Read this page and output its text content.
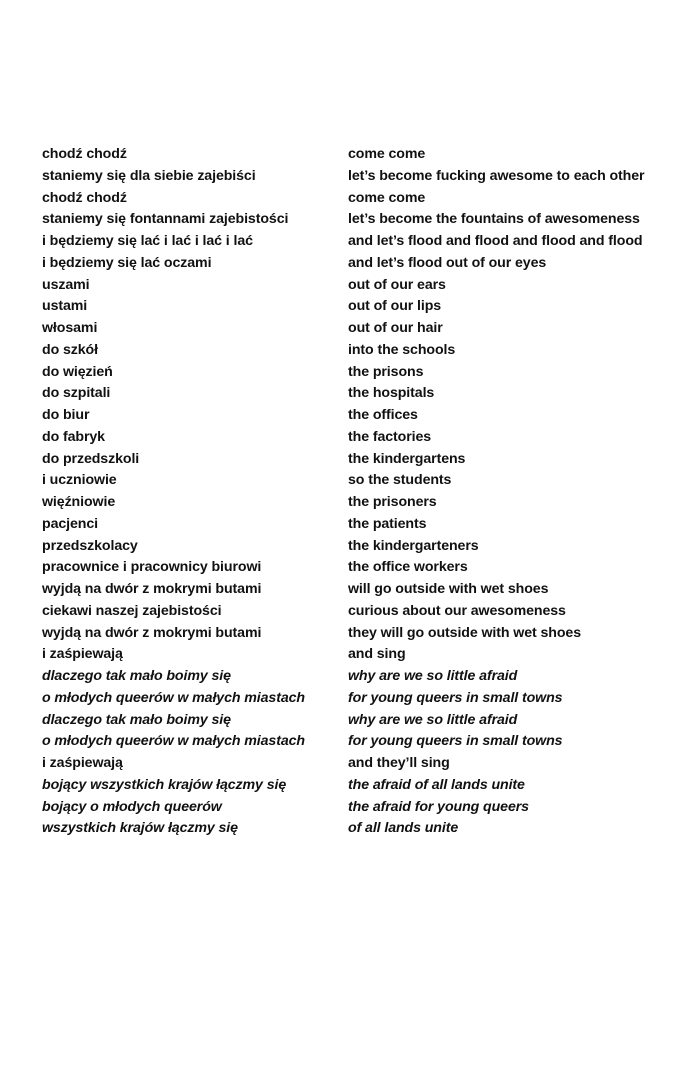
chodź chodź
staniemy się dla siebie zajebiści
chodź chodź
staniemy się fontannami zajebistości
i będziemy się lać i lać i lać i lać
i będziemy się lać oczami
uszami
ustami
włosami
do szkół
do więzień
do szpitali
do biur
do fabryk
do przedszkoli
i uczniowie
więźniowie
pacjenci
przedszkolacy
pracownice i pracownicy biurowi
wyjdą na dwór z mokrymi butami
ciekawi naszej zajebistości
wyjdą na dwór z mokrymi butami
i zaśpiewają
dlaczego tak mało boimy się
o młodych queerów w małych miastach
dlaczego tak mało boimy się
o młodych queerów w małych miastach
i zaśpiewają
bojący wszystkich krajów łączmy się
bojący o młodych queerów
wszystkich krajów łączmy się
come come
let’s become fucking awesome to each other
come come
let’s become the fountains of awesomeness
and let’s flood and flood and flood and flood
and let’s flood out of our eyes
out of our ears
out of our lips
out of our hair
into the schools
the prisons
the hospitals
the offices
the factories
the kindergartens
so the students
the prisoners
the patients
the kindergarteners
the office workers
will go outside with wet shoes
curious about our awesomeness
they will go outside with wet shoes
and sing
why are we so little afraid
for young queers in small towns
why are we so little afraid
for young queers in small towns
and they’ll sing
the afraid of all lands unite
the afraid for young queers
of all lands unite
